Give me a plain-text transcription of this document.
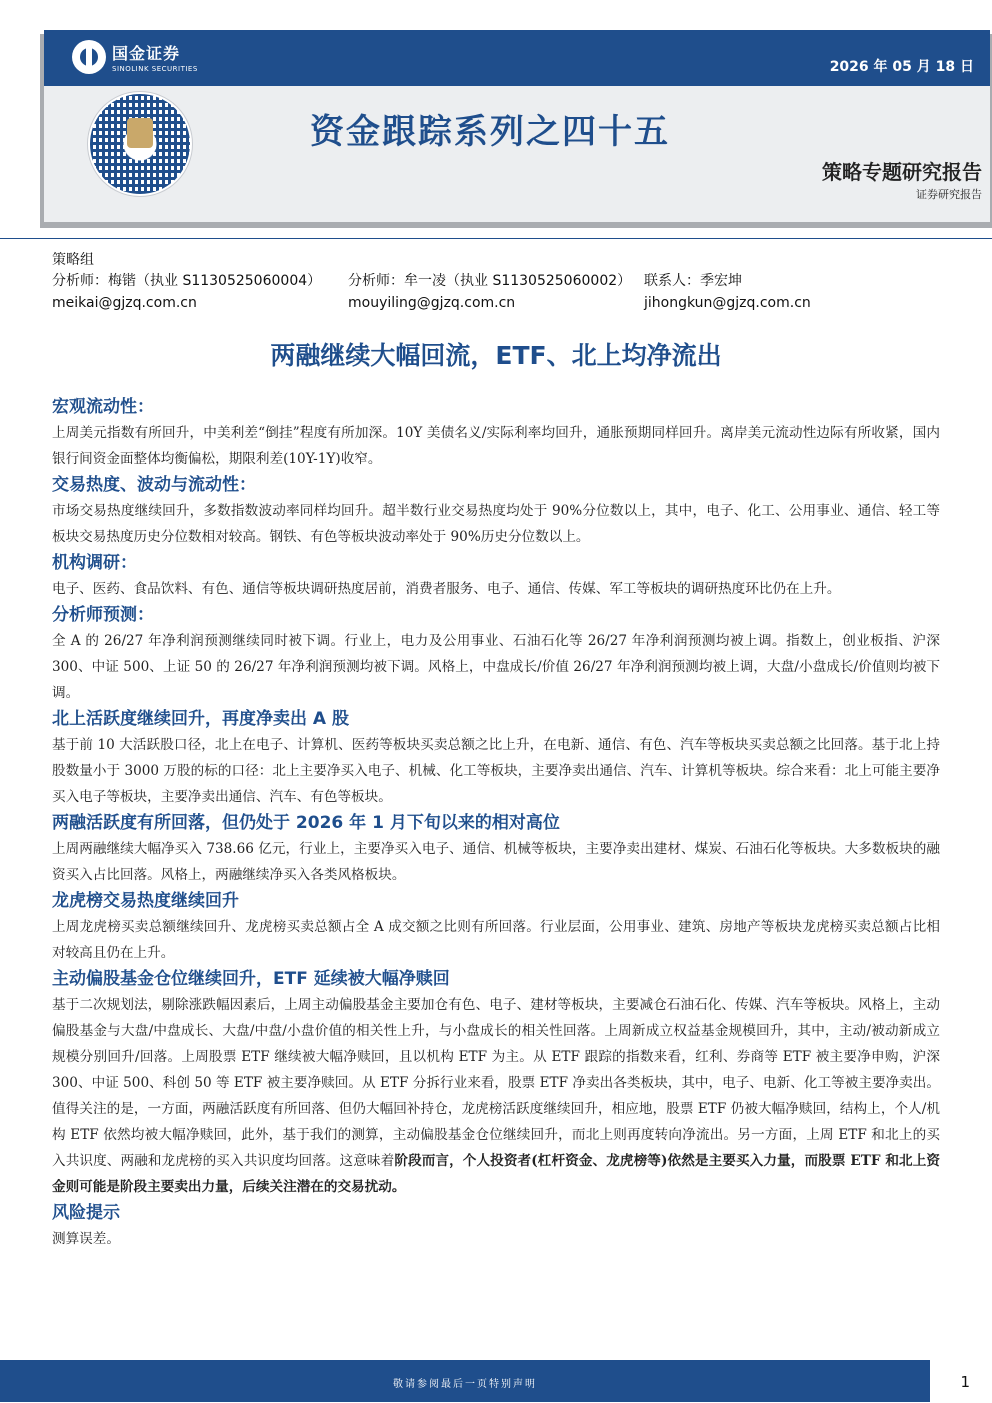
国金证券
SINOLINK SECURITIES	2026 年 05 月 18 日
资金跟踪系列之四十五
策略专题研究报告
证券研究报告
策略组
分析师：梅锴（执业 S1130525060004）	分析师：牟一凌（执业 S1130525060002） 联系人：季宏坤
meikai@gjzq.com.cn	mouyiling@gjzq.com.cn	jihongkun@gjzq.com.cn
两融继续大幅回流，ETF、北上均净流出
宏观流动性：
上周美元指数有所回升，中美利差“倒挂”程度有所加深。10Y 美债名义/实际利率均回升，通胀预期同样回升。离岸美元流动性边际有所收紧，国内银行间资金面整体均衡偏松，期限利差(10Y-1Y)收窄。
交易热度、波动与流动性：
市场交易热度继续回升，多数指数波动率同样均回升。超半数行业交易热度均处于 90%分位数以上，其中，电子、化工、公用事业、通信、轻工等板块交易热度历史分位数相对较高。钢铁、有色等板块波动率处于 90%历史分位数以上。
机构调研：
电子、医药、食品饮料、有色、通信等板块调研热度居前，消费者服务、电子、通信、传媒、军工等板块的调研热度环比仍在上升。
分析师预测：
全 A 的 26/27 年净利润预测继续同时被下调。行业上，电力及公用事业、石油石化等 26/27 年净利润预测均被上调。指数上，创业板指、沪深 300、中证 500、上证 50 的 26/27 年净利润预测均被下调。风格上，中盘成长/价值 26/27 年净利润预测均被上调，大盘/小盘成长/价值则均被下调。
北上活跃度继续回升，再度净卖出 A 股
基于前 10 大活跃股口径，北上在电子、计算机、医药等板块买卖总额之比上升，在电新、通信、有色、汽车等板块买卖总额之比回落。基于北上持股数量小于 3000 万股的标的口径：北上主要净买入电子、机械、化工等板块，主要净卖出通信、汽车、计算机等板块。综合来看：北上可能主要净买入电子等板块，主要净卖出通信、汽车、有色等板块。
两融活跃度有所回落，但仍处于 2026 年 1 月下旬以来的相对高位
上周两融继续大幅净买入 738.66 亿元，行业上，主要净买入电子、通信、机械等板块，主要净卖出建材、煤炭、石油石化等板块。大多数板块的融资买入占比回落。风格上，两融继续净买入各类风格板块。
龙虎榜交易热度继续回升
上周龙虎榜买卖总额继续回升、龙虎榜买卖总额占全 A 成交额之比则有所回落。行业层面，公用事业、建筑、房地产等板块龙虎榜买卖总额占比相对较高且仍在上升。
主动偏股基金仓位继续回升，ETF 延续被大幅净赎回
基于二次规划法，剔除涨跌幅因素后，上周主动偏股基金主要加仓有色、电子、建材等板块，主要减仓石油石化、传媒、汽车等板块。风格上，主动偏股基金与大盘/中盘成长、大盘/中盘/小盘价值的相关性上升，与小盘成长的相关性回落。上周新成立权益基金规模回升，其中，主动/被动新成立规模分别回升/回落。上周股票 ETF 继续被大幅净赎回，且以机构 ETF 为主。从 ETF 跟踪的指数来看，红利、券商等 ETF 被主要净申购，沪深 300、中证 500、科创 50 等 ETF 被主要净赎回。从 ETF 分拆行业来看，股票 ETF 净卖出各类板块，其中，电子、电新、化工等被主要净卖出。值得关注的是，一方面，两融活跃度有所回落、但仍大幅回补持仓，龙虎榜活跃度继续回升，相应地，股票 ETF 仍被大幅净赎回，结构上，个人/机构 ETF 依然均被大幅净赎回，此外，基于我们的测算，主动偏股基金仓位继续回升，而北上则再度转向净流出。另一方面，上周 ETF 和北上的买入共识度、两融和龙虎榜的买入共识度均回落。这意味着阶段而言，个人投资者(杠杆资金、龙虎榜等)依然是主要买入力量，而股票 ETF 和北上资金则可能是阶段主要卖出力量，后续关注潜在的交易扰动。
风险提示
测算误差。
敬请参阅最后一页特别声明	1
